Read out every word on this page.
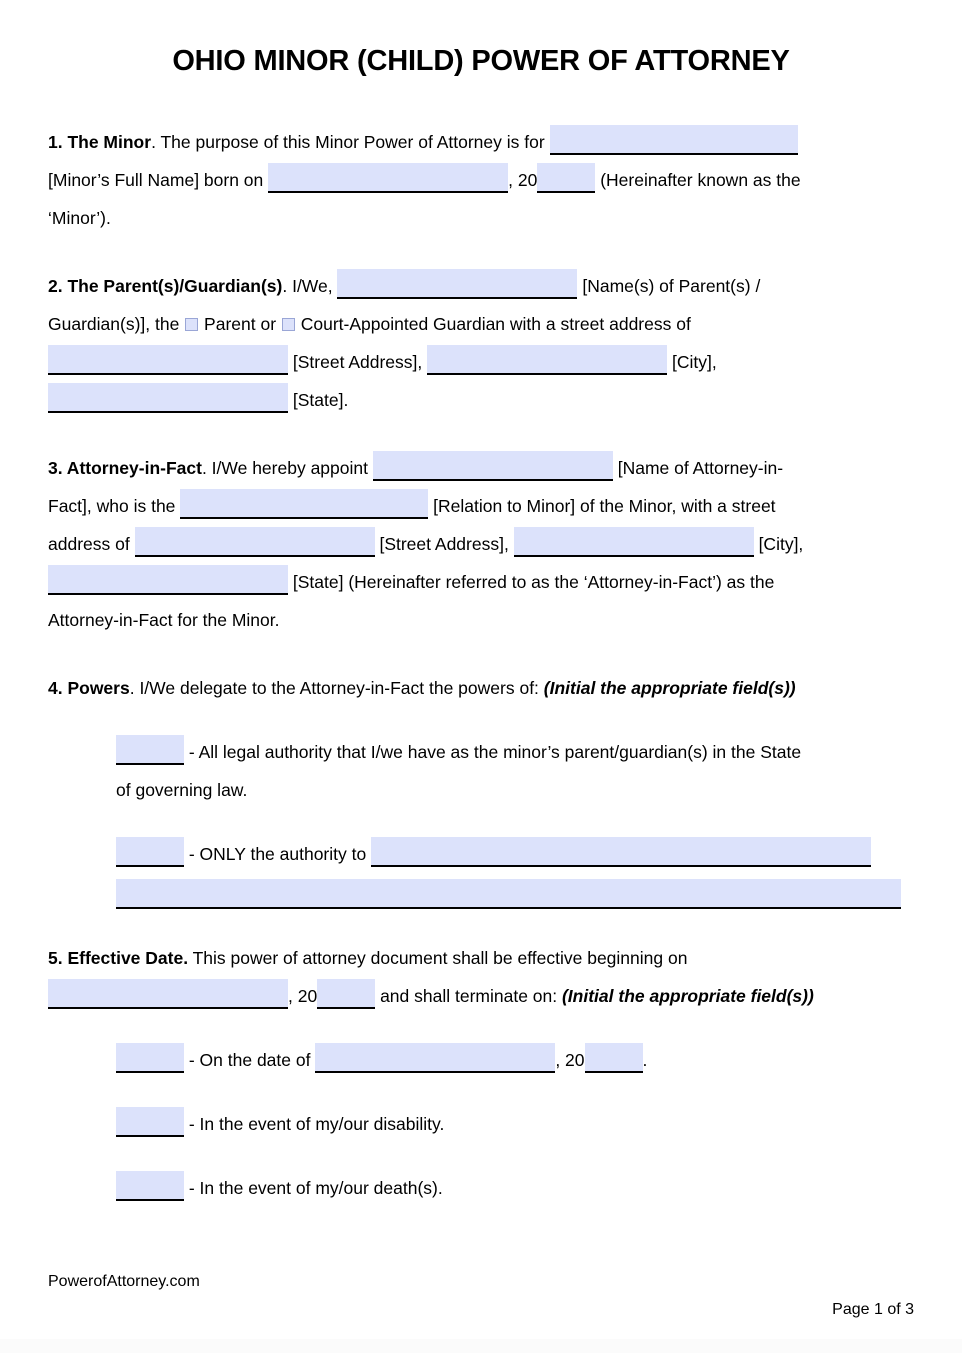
OHIO MINOR (CHILD) POWER OF ATTORNEY

1. The Minor. The purpose of this Minor Power of Attorney is for
[Minor’s Full Name] born on	, 20	(Hereinafter known as the
‘Minor’).

2. The Parent(s)/Guardian(s). I/We,	[Name(s) of Parent(s) /
Guardian(s)], the  Parent or  Court-Appointed Guardian with a street address of
[Street Address],	[City],
[State].

3. Attorney-in-Fact. I/We hereby appoint	[Name of Attorney-in-
Fact], who is the	[Relation to Minor] of the Minor, with a street
address of	[Street Address],	[City],
[State] (Hereinafter referred to as the ‘Attorney-in-Fact’) as the
Attorney-in-Fact for the Minor.

4. Powers. I/We delegate to the Attorney-in-Fact the powers of: (Initial the appropriate field(s))

- All legal authority that I/we have as the minor’s parent/guardian(s) in the State
of governing law.

- ONLY the authority to

5. Effective Date. This power of attorney document shall be effective beginning on
, 20	and shall terminate on: (Initial the appropriate field(s))

- On the date of	, 20	.

- In the event of my/our disability.

- In the event of my/our death(s).

PowerofAttorney.com
Page 1 of 3
